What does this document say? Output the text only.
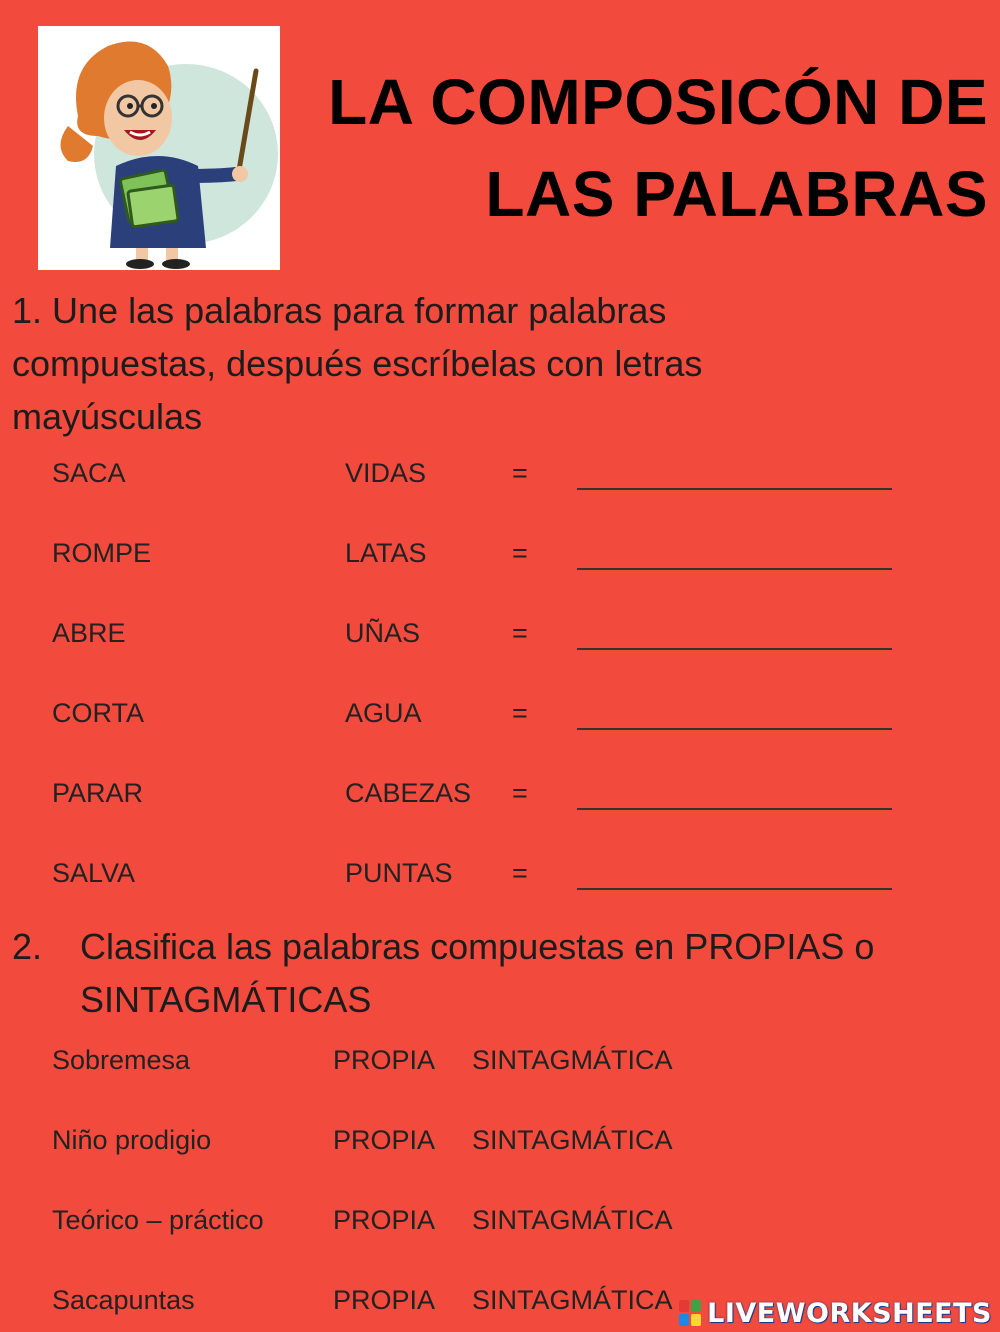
LA COMPOSICÓN DE
LAS PALABRAS
1. Une las palabras para formar palabras compuestas, después escríbelas con letras mayúsculas
SACA	VIDAS	=
ROMPE	LATAS	=
ABRE	UÑAS	=
CORTA	AGUA	=
PARAR	CABEZAS =
SALVA	PUNTAS =
2. Clasifica las palabras compuestas en PROPIAS o SINTAGMÁTICAS
Sobremesa	PROPIA SINTAGMÁTICA
Niño prodigio	PROPIA SINTAGMÁTICA
Teórico – práctico	PROPIA SINTAGMÁTICA
Sacapuntas	PROPIA SINTAGMÁTICA LIVEWORKSHEETS
